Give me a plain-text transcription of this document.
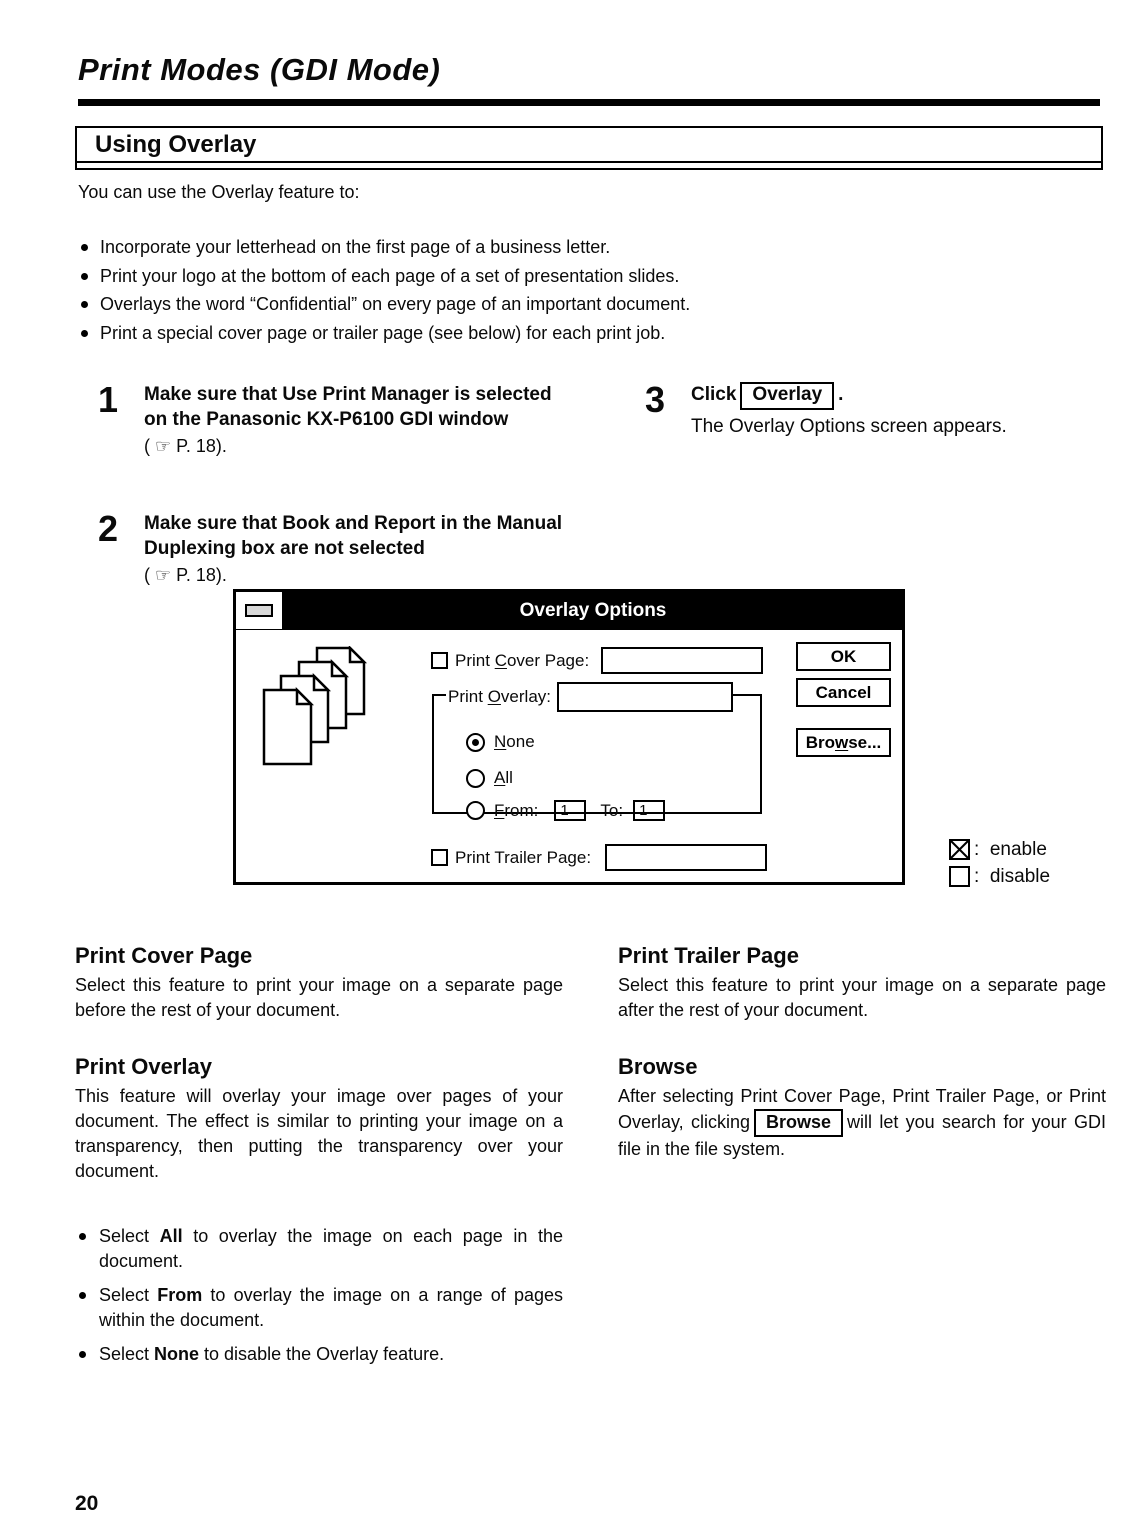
Print Modes (GDI Mode)
Using Overlay

You can use the Overlay feature to:

Incorporate your letterhead on the first page of a business letter.
Print your logo at the bottom of each page of a set of presentation slides.
Overlays the word “Confidential” on every page of an important document.
Print a special cover page or trailer page (see below) for each print job.
1	Make sure that Use Print Manager is selected on the Panasonic KX-P6100 GDI window

( ☞ P. 18).

2	Make sure that Book and Report in the Manual Duplexing box are not selected

( ☞ P. 18).

3	Click Overlay .

The Overlay Options screen appears.

Overlay Options
Print Cover Page:
Print Overlay:
None
All
From:	1	To:	1
Print Trailer Page:
OK
Cancel
Browse...
:
enable
:
disable
Print Cover Page

Select this feature to print your image on a separate page before the rest of your document.

Print Overlay

This feature will overlay your image over pages of your document. The effect is similar to printing your image on a transparency, then putting the transparency over your document.

Select All to overlay the image on each page in the document.
Select From to overlay the image on a range of pages within the document.
Select None to disable the Overlay feature.
Print Trailer Page

Select this feature to print your image on a separate page after the rest of your document.

Browse

After selecting Print Cover Page, Print Trailer Page, or Print Overlay, clicking Browse will let you search for your GDI file in the file system.

20
